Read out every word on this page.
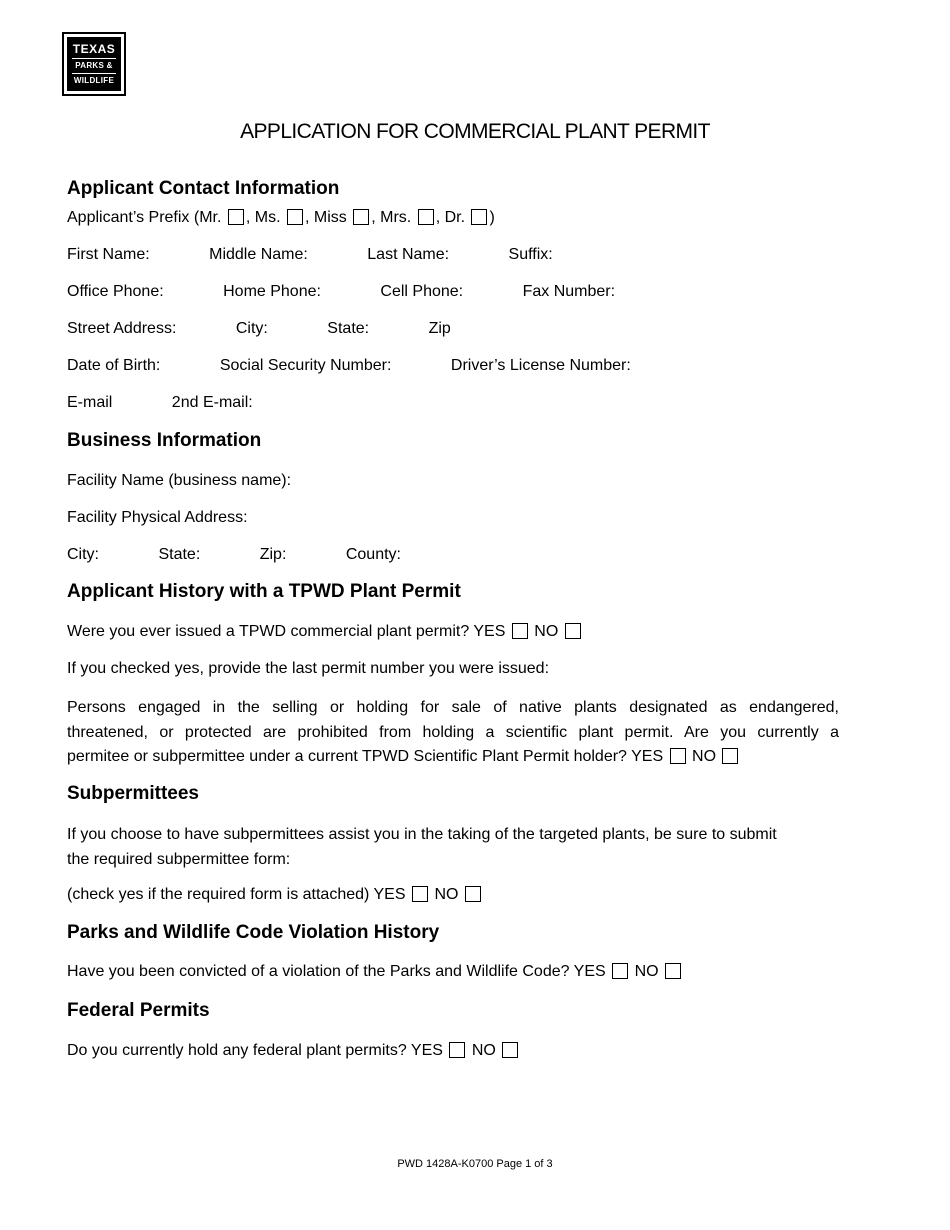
TEXAS
PARKS &
WILDLIFE
APPLICATION FOR COMMERCIAL PLANT PERMIT
Applicant Contact Information
Applicant’s Prefix (Mr. , Ms. , Miss , Mrs. , Dr. )
First Name:	Middle Name:	Last Name:	Suffix:
Office Phone:	Home Phone:	Cell Phone:	Fax Number:
Street Address:	City:	State:	Zip
Date of Birth:	Social Security Number:	Driver’s License Number:
E-mail	2nd E-mail:
Business Information
Facility Name (business name):
Facility Physical Address:
City:	State:	Zip:	County:
Applicant History with a TPWD Plant Permit
Were you ever issued a TPWD commercial plant permit? YES NO
If you checked yes, provide the last permit number you were issued:
Persons engaged in the selling or holding for sale of native plants designated as endangered,
threatened, or protected are prohibited from holding a scientific plant permit. Are you currently a
permitee or subpermittee under a current TPWD Scientific Plant Permit holder? YES NO
Subpermittees
If you choose to have subpermittees assist you in the taking of the targeted plants, be sure to submit
the required subpermittee form:
(check yes if the required form is attached) YES NO
Parks and Wildlife Code Violation History
Have you been convicted of a violation of the Parks and Wildlife Code? YES NO
Federal Permits
Do you currently hold any federal plant permits? YES NO
PWD 1428A-K0700 Page 1 of 3
